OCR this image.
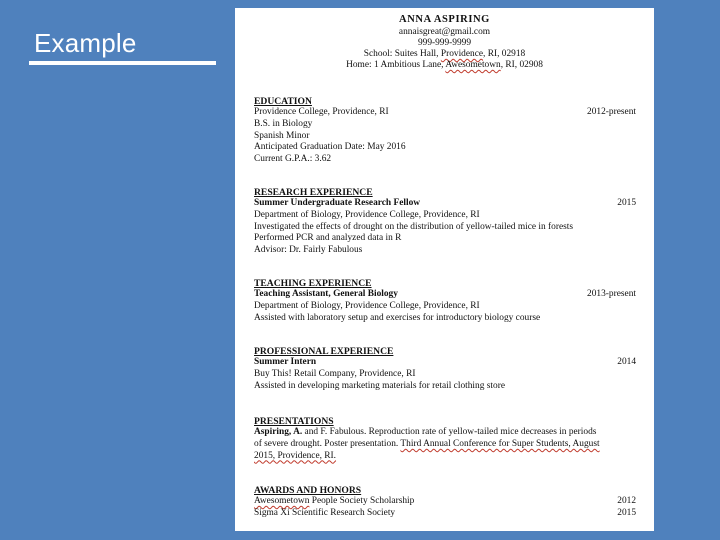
Example
ANNA ASPIRING
annaisgreat@gmail.com
999-999-9999
School: Suites Hall, Providence, RI, 02918
Home: 1 Ambitious Lane, Awesometown, RI, 02908
EDUCATION
Providence College, Providence, RI	2012-present
B.S. in Biology
Spanish Minor
Anticipated Graduation Date: May 2016
Current G.P.A.: 3.62
RESEARCH EXPERIENCE
Summer Undergraduate Research Fellow	2015
Department of Biology, Providence College, Providence, RI
Investigated the effects of drought on the distribution of yellow-tailed mice in forests
Performed PCR and analyzed data in R
Advisor: Dr. Fairly Fabulous
TEACHING EXPERIENCE
Teaching Assistant, General Biology	2013-present
Department of Biology, Providence College, Providence, RI
Assisted with laboratory setup and exercises for introductory biology course
PROFESSIONAL EXPERIENCE
Summer Intern	2014
Buy This! Retail Company, Providence, RI
Assisted in developing marketing materials for retail clothing store
PRESENTATIONS
Aspiring, A. and F. Fabulous. Reproduction rate of yellow-tailed mice decreases in periods
of severe drought. Poster presentation. Third Annual Conference for Super Students, August
2015, Providence, RI.
AWARDS AND HONORS
Awesometown People Society Scholarship	2012
Sigma Xi Scientific Research Society	2015
